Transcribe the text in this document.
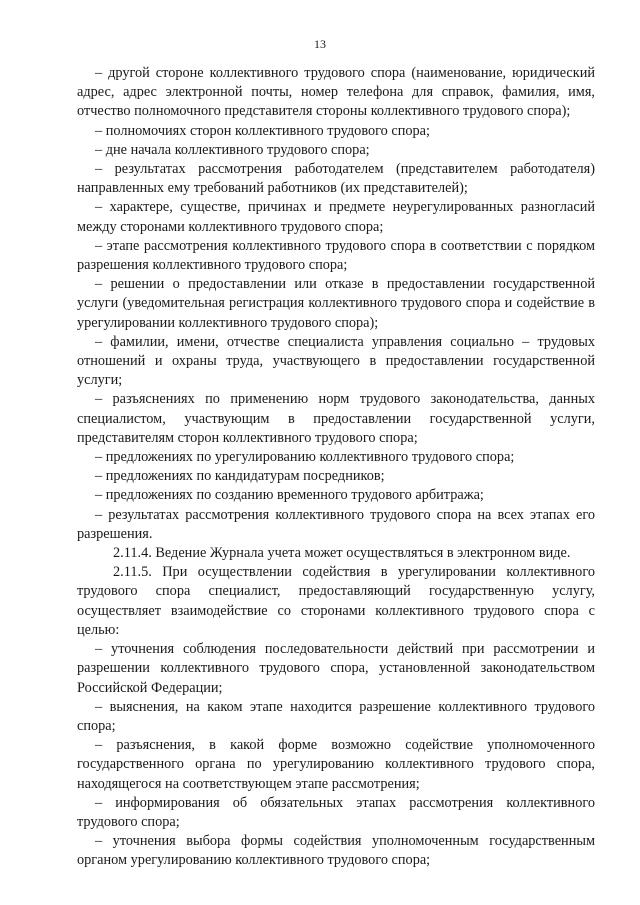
13

– другой стороне коллективного трудового спора (наименование, юридический адрес, адрес электронной почты, номер телефона для справок, фамилия, имя, отчество полномочного представителя стороны коллективного трудового спора);

– полномочиях сторон коллективного трудового спора;

– дне начала коллективного трудового спора;

– результатах рассмотрения работодателем (представителем работодателя) направленных ему требований работников (их представителей);

– характере, существе, причинах и предмете неурегулированных разногласий между сторонами коллективного трудового спора;

– этапе рассмотрения коллективного трудового спора в соответствии с порядком разрешения коллективного трудового спора;

– решении о предоставлении или отказе в предоставлении государственной услуги (уведомительная регистрация коллективного трудового спора и содействие в урегулировании коллективного трудового спора);

– фамилии, имени, отчестве специалиста управления социально – трудовых отношений и охраны труда, участвующего в предоставлении государственной услуги;

– разъяснениях по применению норм трудового законодательства, данных специалистом, участвующим в предоставлении государственной услуги, представителям сторон коллективного трудового спора;

– предложениях по урегулированию коллективного трудового спора;

– предложениях по кандидатурам посредников;

– предложениях по созданию временного трудового арбитража;

– результатах рассмотрения коллективного трудового спора на всех этапах его разрешения.

2.11.4. Ведение Журнала учета может осуществляться в электронном виде.

2.11.5. При осуществлении содействия в урегулировании коллективного трудового спора специалист, предоставляющий государственную услугу, осуществляет взаимодействие со сторонами коллективного трудового спора с целью:

– уточнения соблюдения последовательности действий при рассмотрении и разрешении коллективного трудового спора, установленной законодательством Российской Федерации;

– выяснения, на каком этапе находится разрешение коллективного трудового спора;

– разъяснения, в какой форме возможно содействие уполномоченного государственного органа по урегулированию коллективного трудового спора, находящегося на соответствующем этапе рассмотрения;

– информирования об обязательных этапах рассмотрения коллективного трудового спора;

– уточнения выбора формы содействия уполномоченным государственным органом урегулированию коллективного трудового спора;
